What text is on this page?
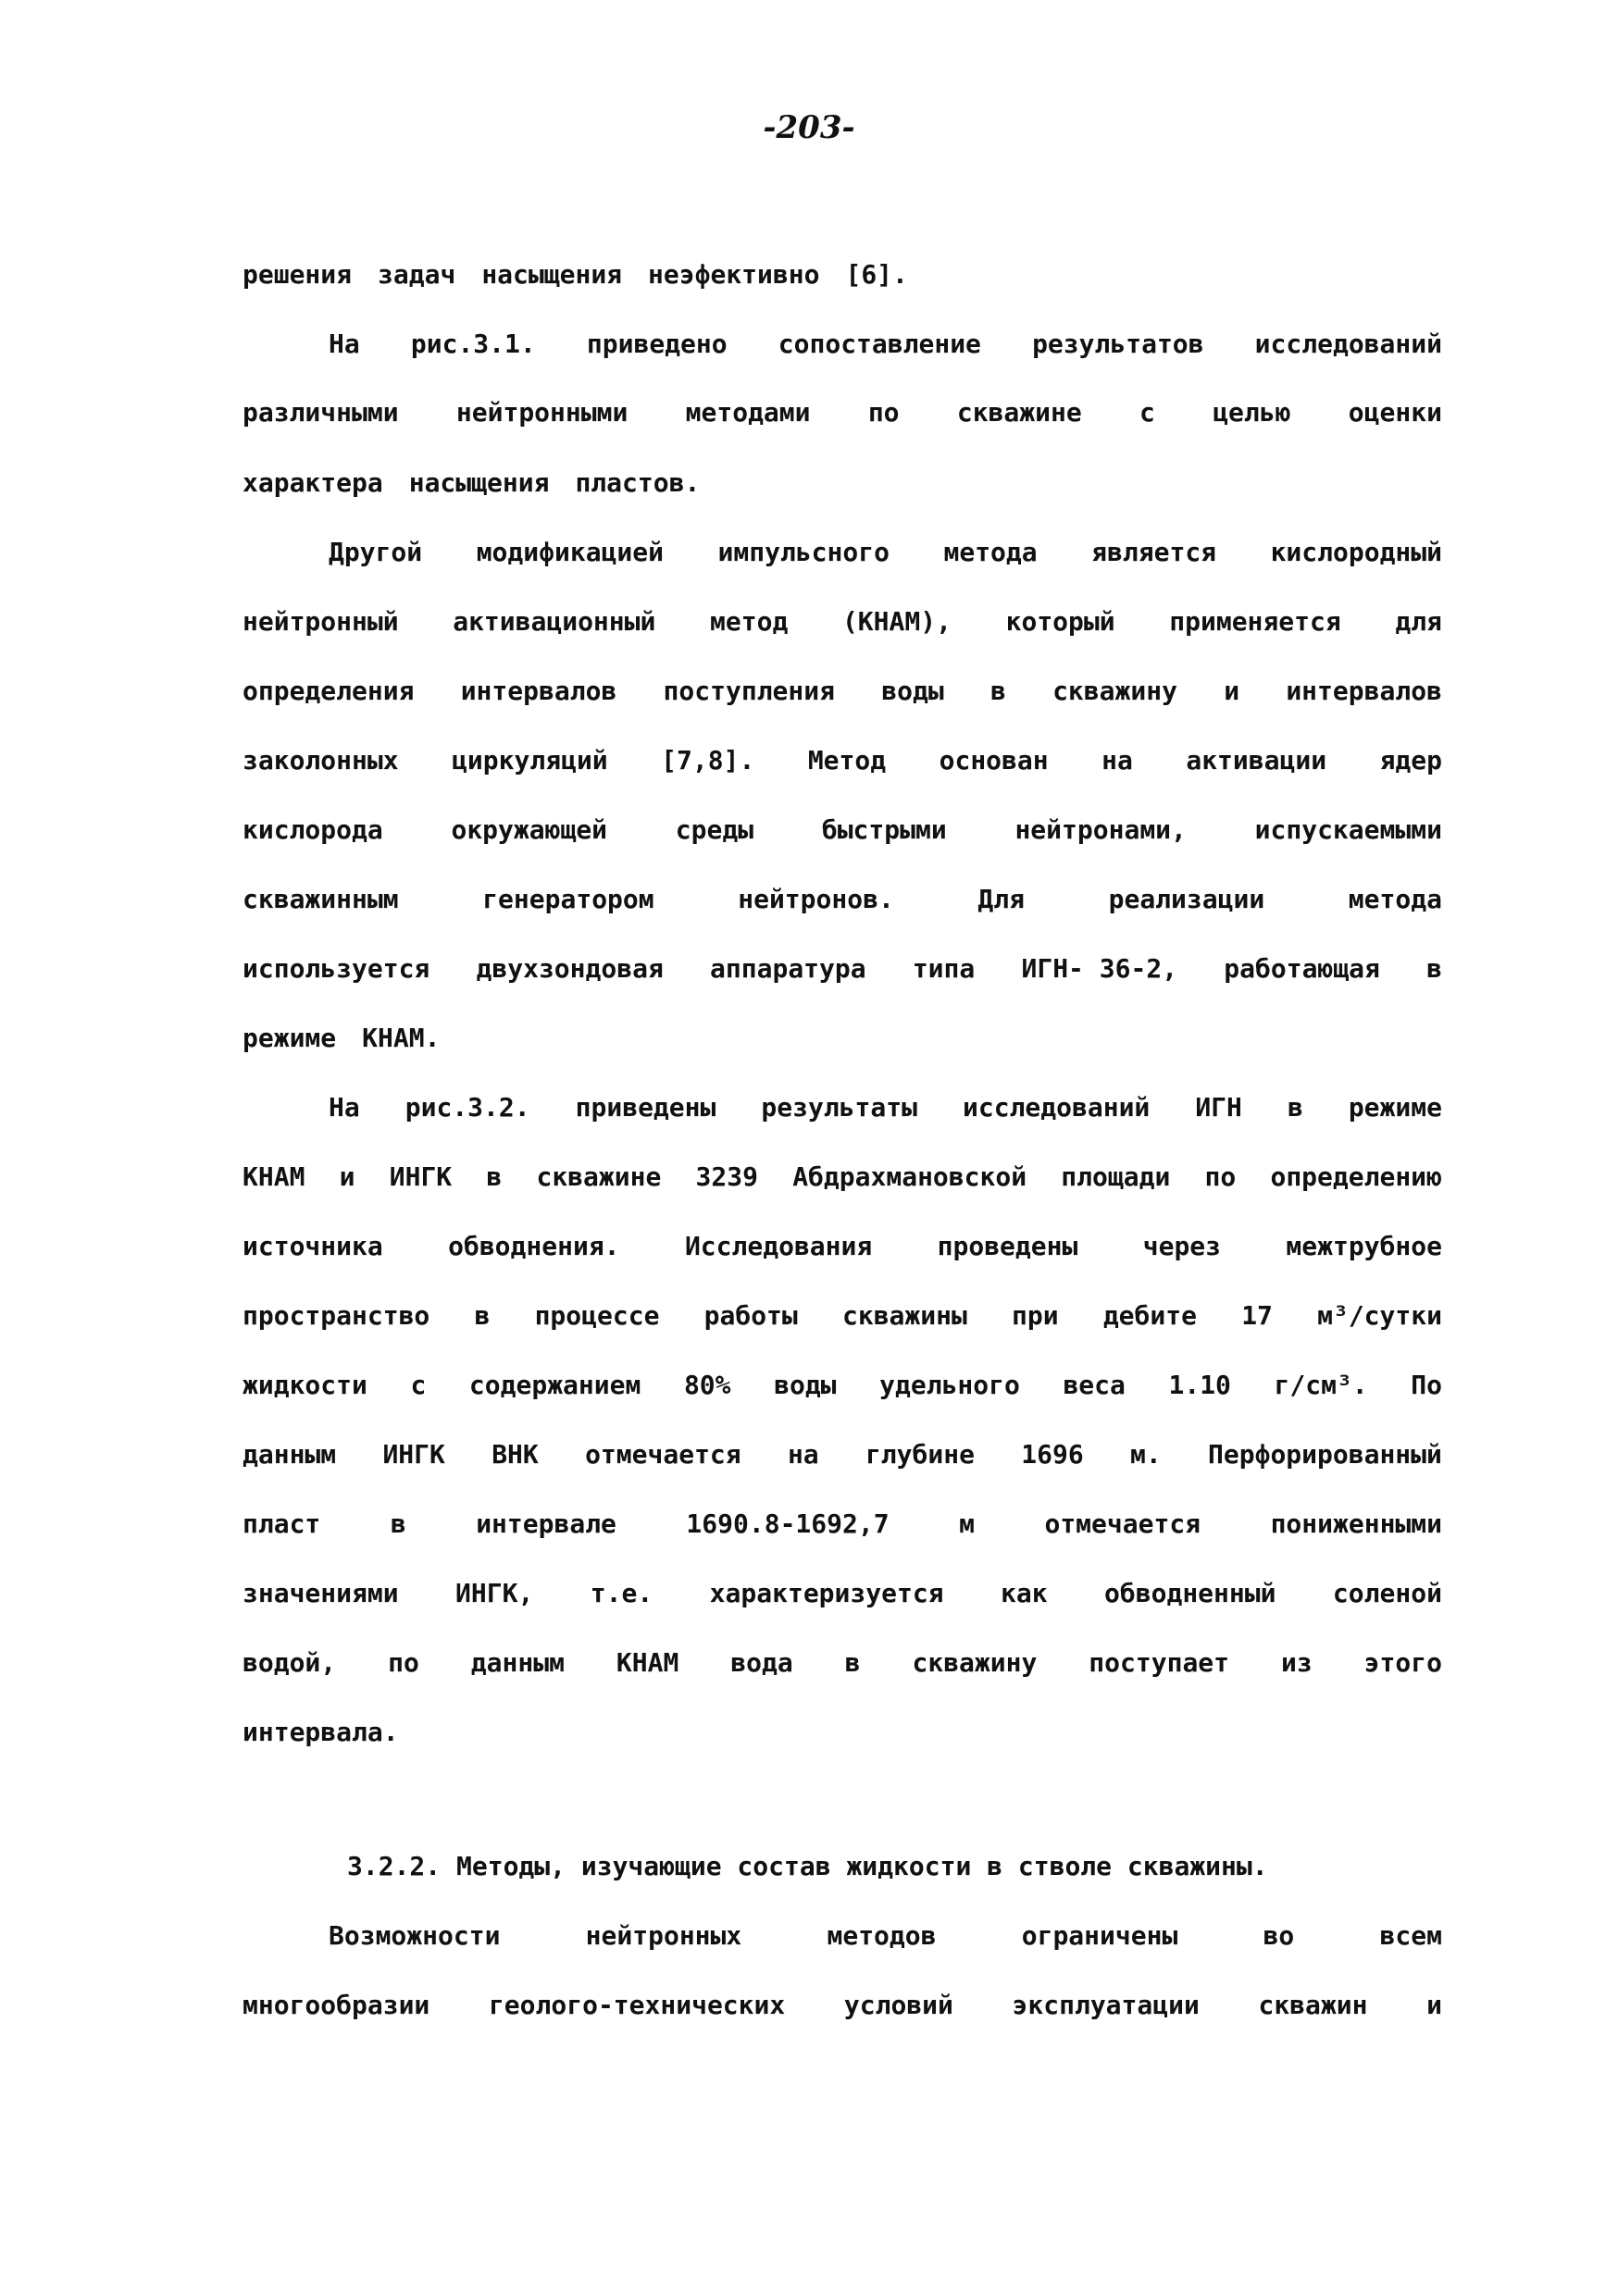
-203-
решения задач насыщения неэфективно [6].
На рис.3.1. приведено сопоставление результатов исследований
различными нейтронными методами по скважине с целью оценки
характера насыщения пластов.
Другой модификацией импульсного метода является кислородный
нейтронный активационный метод (КНАМ), который применяется для
определения интервалов поступления воды в скважину и интервалов
заколонных циркуляций [7,8]. Метод основан на активации ядер
кислорода	окружающей	среды	быстрыми	нейтронами,	испускаемыми
скважинным	генератором	нейтронов.	Для	реализации	метода
используется двухзондовая аппаратура типа ИГН- 36-2, работающая в
режиме КНАМ.
На рис.3.2. приведены результаты исследований ИГН в режиме
КНАМ и ИНГК в скважине 3239 Абдрахмановской площади по определению
источника	обводнения.	Исследования	проведены	через	межтрубное
пространство в процессе работы скважины при дебите 17 м³/сутки
жидкости с содержанием 80% воды удельного веса 1.10 г/см³. По
данным ИНГК ВНК отмечается на глубине 1696 м. Перфорированный
пласт	в	интервале	1690.8-1692,7	м	отмечается	пониженными
значениями ИНГК, т.е. характеризуется как обводненный соленой
водой, по данным КНАМ вода в скважину поступает из этого
интервала.
3.2.2. Методы, изучающие состав жидкости в стволе скважины.
Возможности	нейтронных	методов	ограничены	во	всем
многообразии геолого-технических условий эксплуатации скважин и
